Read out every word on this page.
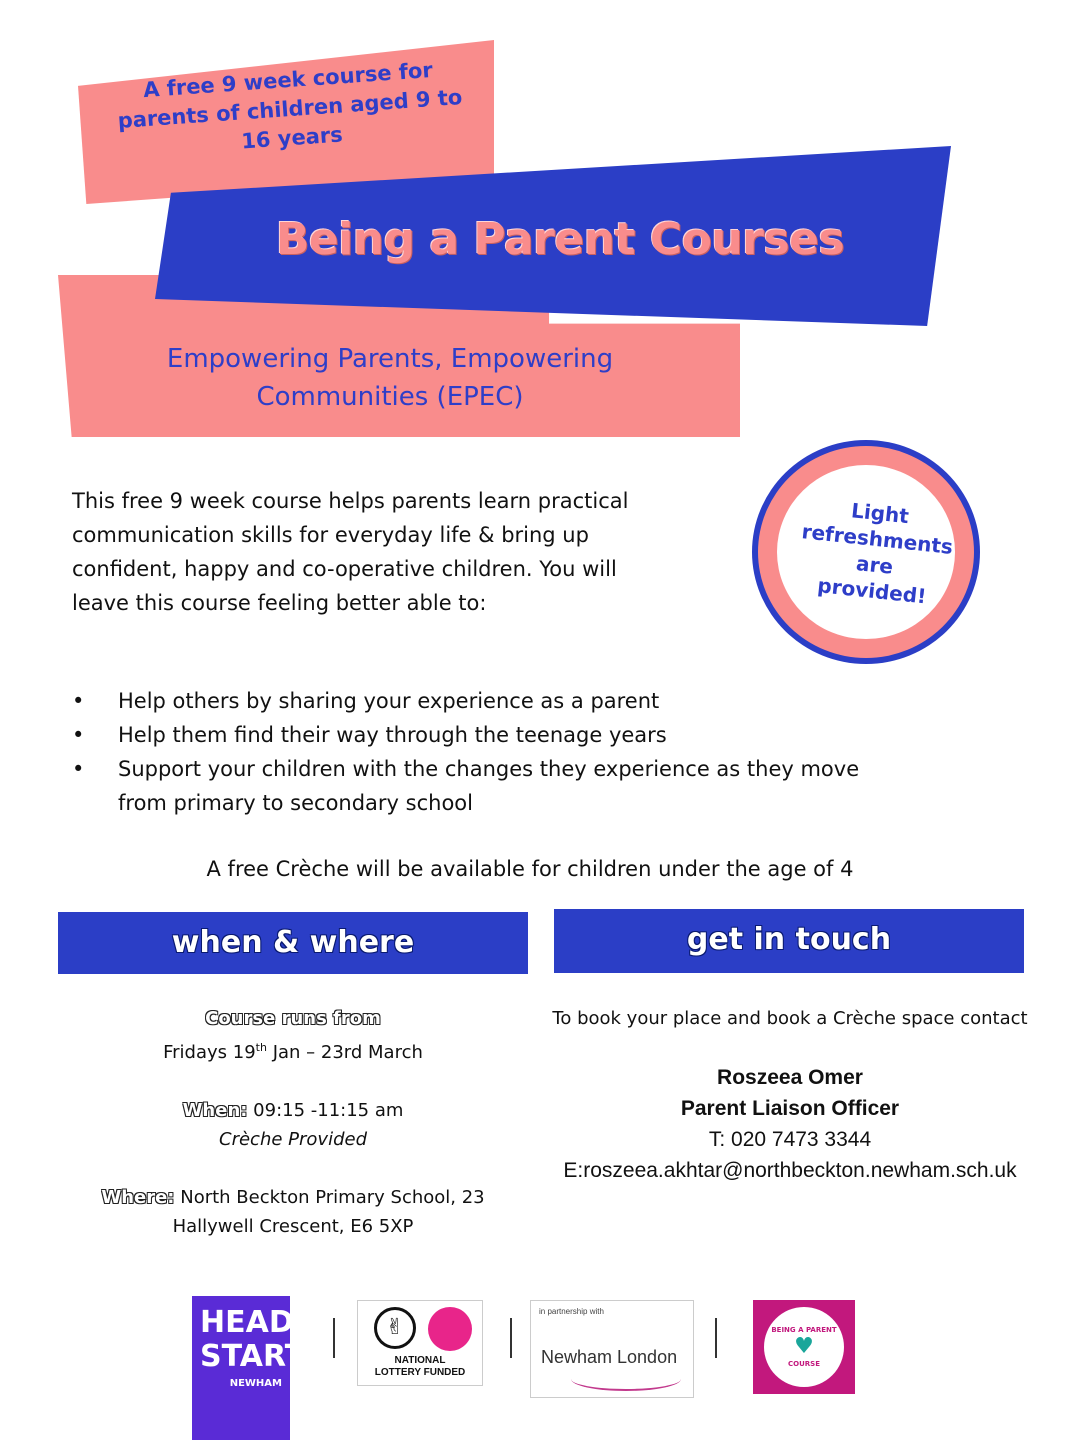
A free 9 week course for parents of children aged 9 to 16 years
Being a Parent Courses
Empowering Parents, Empowering
Communities (EPEC)
Light
refreshments are
provided!
This free 9 week course helps parents learn practical communication skills for everyday life & bring up confident, happy and co-operative children. You will leave this course feeling better able to:
• Help others by sharing your experience as a parent
• Help them find their way through the teenage years
• Support your children with the changes they experience as they move from primary to secondary school
A free Crèche will be available for children under the age of 4
when & where	get in touch
Course runs from
Fridays 19th Jan – 23rd March
When: 09:15 -11:15 am
Crèche Provided
Where: North Beckton Primary School, 23
Hallywell Crescent, E6 5XP
To book your place and book a Crèche space contact
Roszeea Omer
Parent Liaison Officer
T: 020 7473 3344
E:roszeea.akhtar@northbeckton.newham.sch.uk
HEAD
START
NEWHAM
✌
NATIONAL
LOTTERY FUNDED
in partnership with
Newham London
BEING A PARENT
♥
COURSE
